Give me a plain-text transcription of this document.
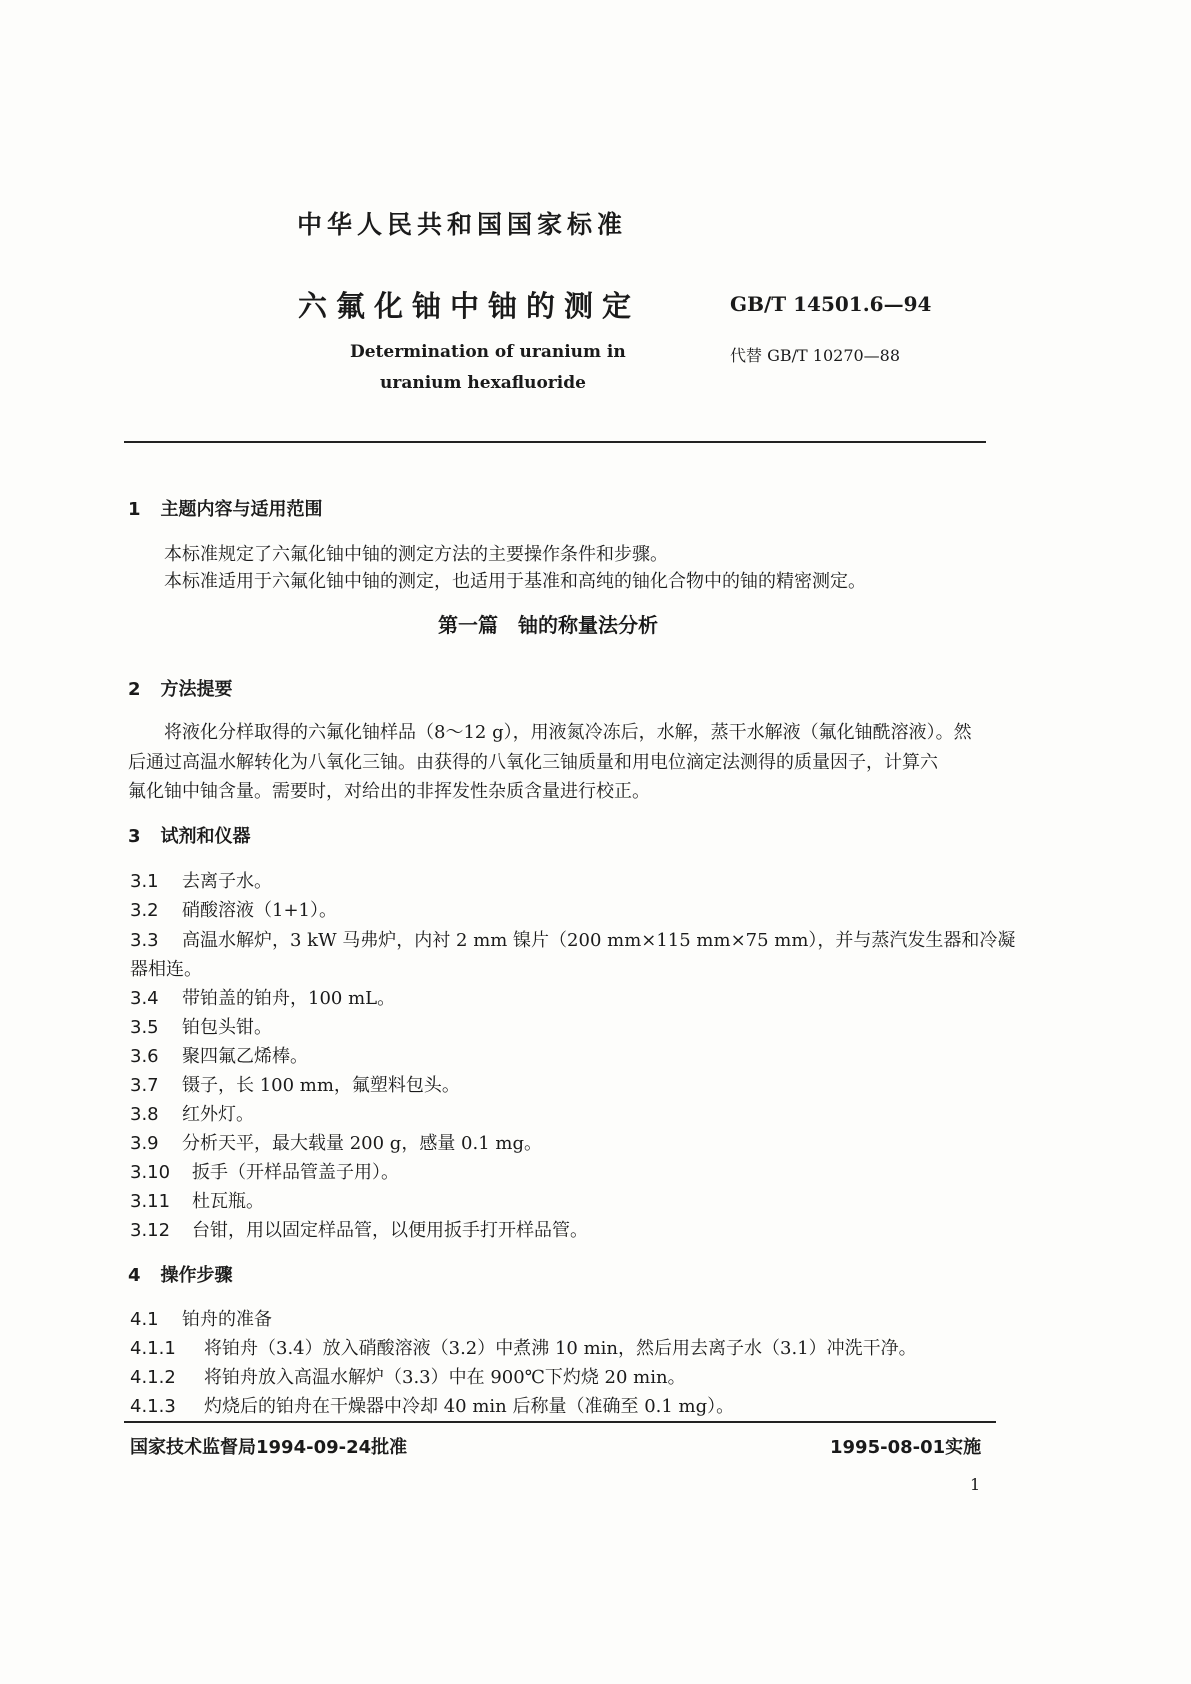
中华人民共和国国家标准
六氟化铀中铀的测定	GB/T 14501.6—94
Determination of uranium in
uranium hexafluoride
代替 GB/T 10270—88
1 主题内容与适用范围
本标准规定了六氟化铀中铀的测定方法的主要操作条件和步骤。
本标准适用于六氟化铀中铀的测定，也适用于基准和高纯的铀化合物中的铀的精密测定。
第一篇　铀的称量法分析
2 方法提要
将液化分样取得的六氟化铀样品（8～12 g），用液氮冷冻后，水解，蒸干水解液（氟化铀酰溶液）。然
后通过高温水解转化为八氧化三铀。由获得的八氧化三铀质量和用电位滴定法测得的质量因子，计算六
氟化铀中铀含量。需要时，对给出的非挥发性杂质含量进行校正。
3 试剂和仪器
3.1 去离子水。
3.2 硝酸溶液（1+1）。
3.3 高温水解炉，3 kW 马弗炉，内衬 2 mm 镍片（200 mm×115 mm×75 mm），并与蒸汽发生器和冷凝
器相连。
3.4 带铂盖的铂舟，100 mL。
3.5 铂包头钳。
3.6 聚四氟乙烯棒。
3.7 镊子，长 100 mm，氟塑料包头。
3.8 红外灯。
3.9 分析天平，最大载量 200 g，感量 0.1 mg。
3.10 扳手（开样品管盖子用）。
3.11 杜瓦瓶。
3.12 台钳，用以固定样品管，以便用扳手打开样品管。
4 操作步骤
4.1 铂舟的准备
4.1.1 将铂舟（3.4）放入硝酸溶液（3.2）中煮沸 10 min，然后用去离子水（3.1）冲洗干净。
4.1.2 将铂舟放入高温水解炉（3.3）中在 900℃下灼烧 20 min。
4.1.3 灼烧后的铂舟在干燥器中冷却 40 min 后称量（准确至 0.1 mg）。
国家技术监督局1994-09-24批准	1995-08-01实施
1
